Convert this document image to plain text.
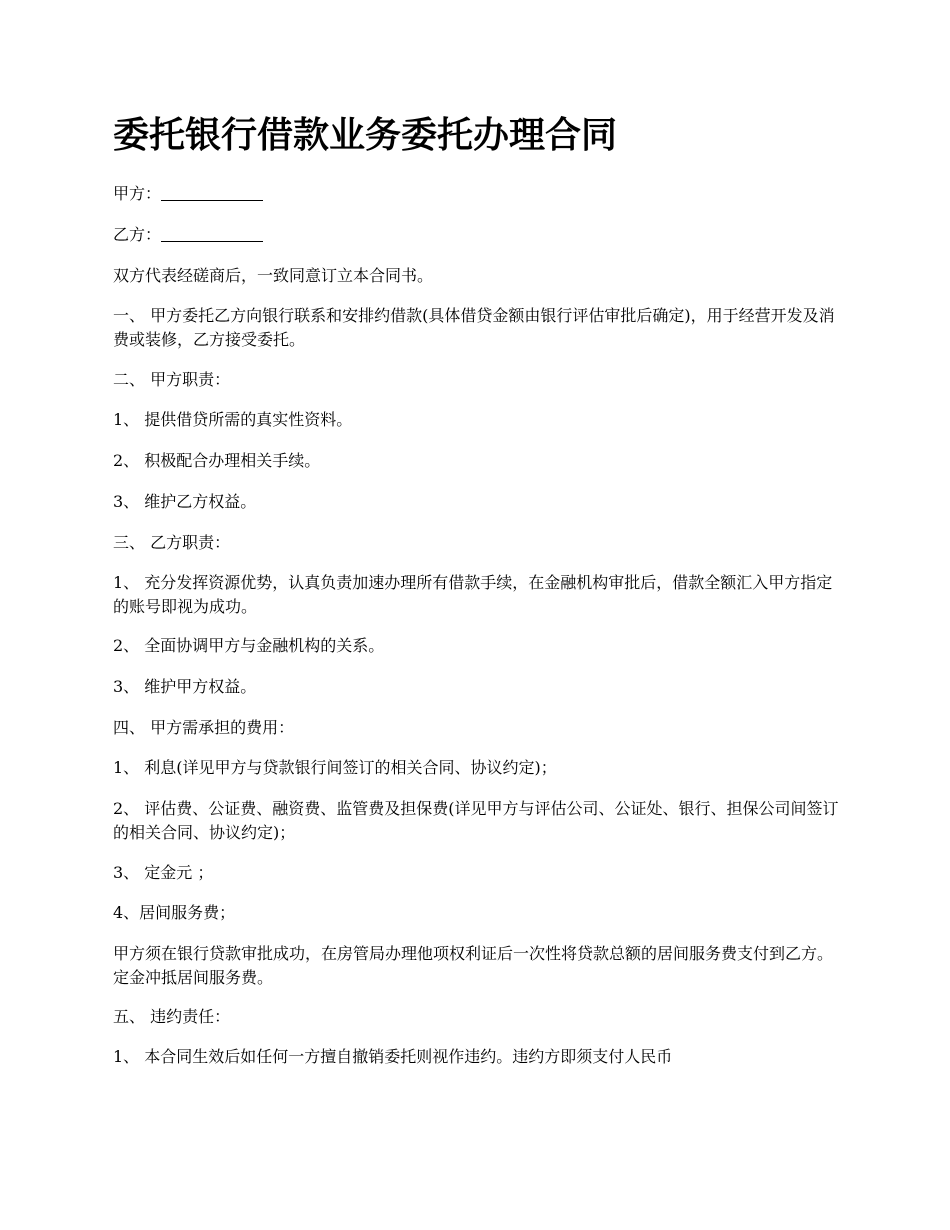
委托银行借款业务委托办理合同

甲方：

乙方：

双方代表经磋商后，一致同意订立本合同书。

一、 甲方委托乙方向银行联系和安排约借款(具体借贷金额由银行评估审批后确定)，用于经营开发及消费或装修，乙方接受委托。

二、 甲方职责：

1、 提供借贷所需的真实性资料。

2、 积极配合办理相关手续。

3、 维护乙方权益。

三、 乙方职责：

1、 充分发挥资源优势，认真负责加速办理所有借款手续，在金融机构审批后，借款全额汇入甲方指定的账号即视为成功。

2、 全面协调甲方与金融机构的关系。

3、 维护甲方权益。

四、 甲方需承担的费用：

1、 利息(详见甲方与贷款银行间签订的相关合同、协议约定)；

2、 评估费、公证费、融资费、监管费及担保费(详见甲方与评估公司、公证处、银行、担保公司间签订的相关合同、协议约定)；

3、 定金元 ；

4、居间服务费；

甲方须在银行贷款审批成功，在房管局办理他项权利证后一次性将贷款总额的居间服务费支付到乙方。定金冲抵居间服务费。

五、 违约责任：

1、 本合同生效后如任何一方擅自撤销委托则视作违约。违约方即须支付人民币
